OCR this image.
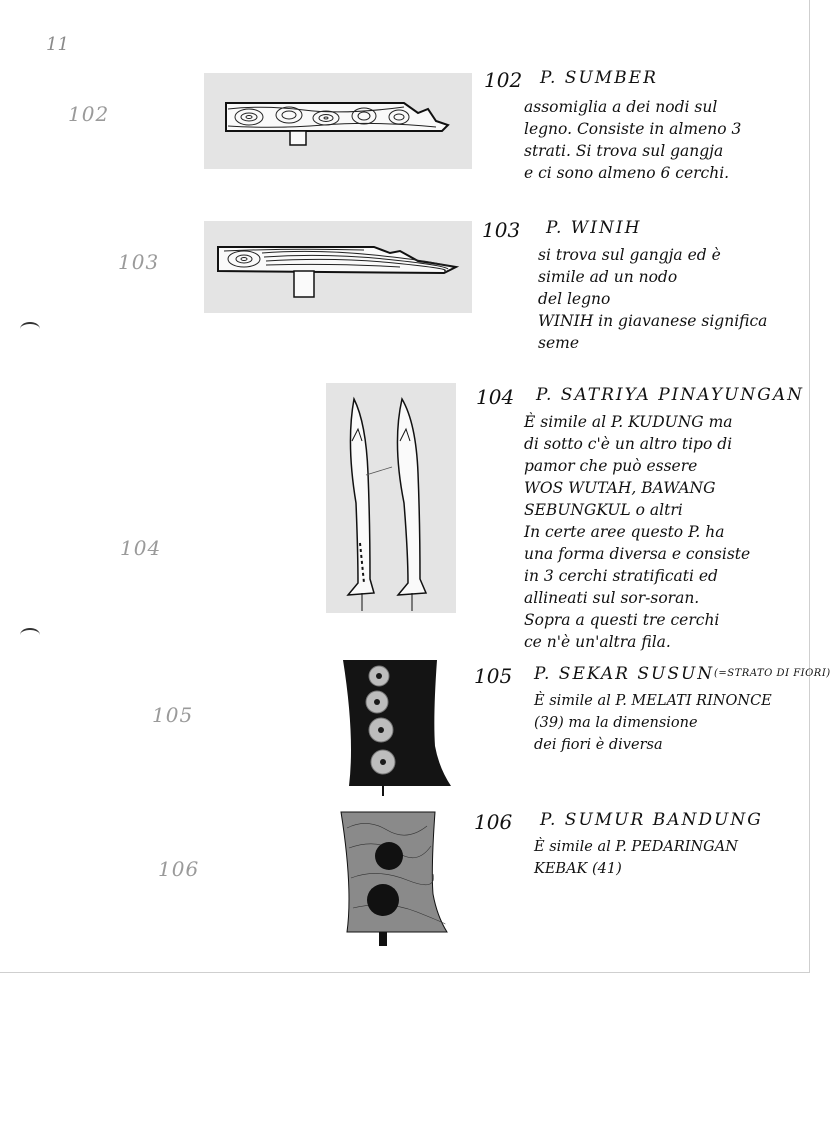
11
102
103
104
105
106
102 P. SUMBER
assomiglia a dei nodi sul
legno. Consiste in almeno 3
strati. Si trova sul gangja
e ci sono almeno 6 cerchi.
103 P. WINIH
si trova sul gangja ed è
simile ad un nodo
del legno
WINIH in giavanese significa
seme
104 P. SATRIYA PINAYUNGAN
È simile al P. KUDUNG ma
di sotto c'è un altro tipo di
pamor che può essere
WOS WUTAH, BAWANG
SEBUNGKUL o altri
In certe aree questo P. ha
una forma diversa e consiste
in 3 cerchi stratificati ed
allineati sul sor-soran.
Sopra a questi tre cerchi
ce n'è un'altra fila.
105 P. SEKAR SUSUN (=STRATO DI FIORI)
È simile al P. MELATI RINONCE
(39) ma la dimensione
dei fiori è diversa
106 P. SUMUR BANDUNG
È simile al P. PEDARINGAN
KEBAK (41)
